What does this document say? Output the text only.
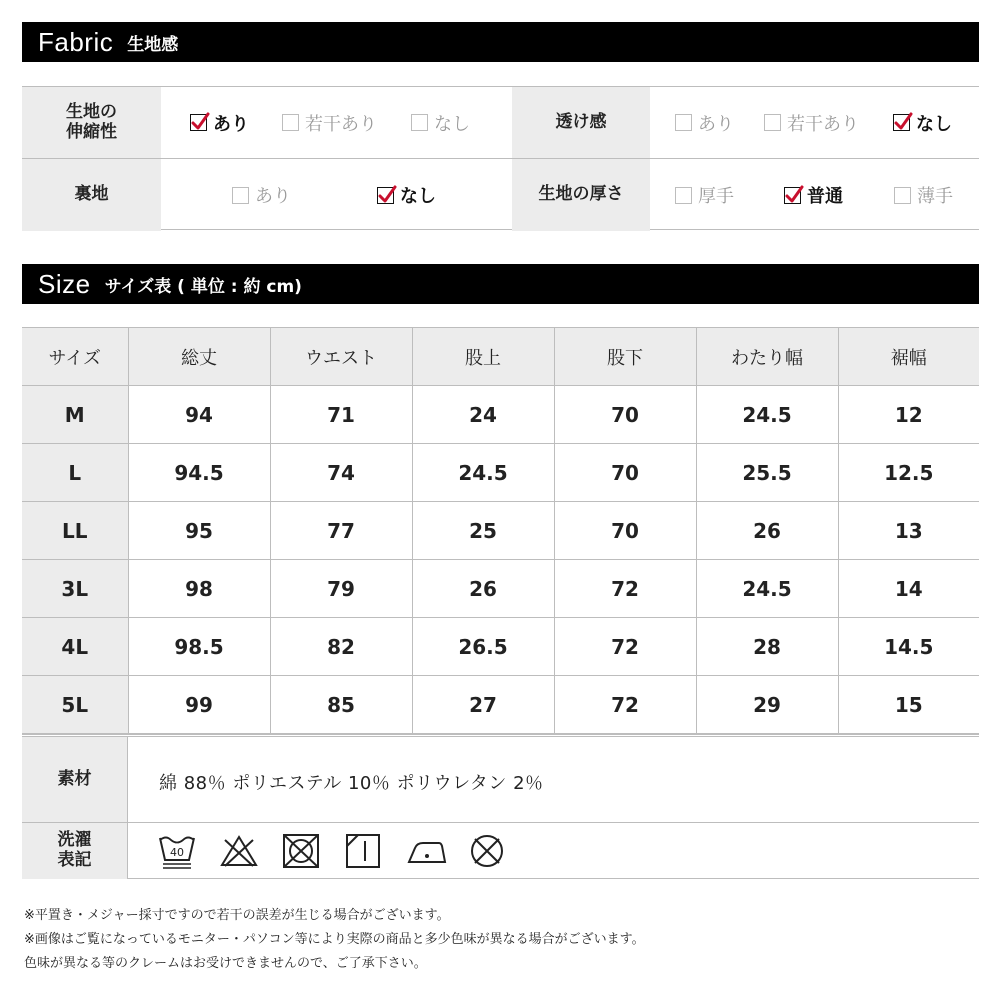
Fabric 生地感
生地の
伸縮性	あり	若干あり	なし	透け感	あり	若干あり	なし
裏地	あり	なし	生地の厚さ	厚手	普通	薄手
Size サイズ表 ( 単位 : 約 cm)
サイズ	総丈	ウエスト	股上	股下	わたり幅	裾幅
M	94	71	24	70	24.5	12
L	94.5	74	24.5	70	25.5	12.5
LL	95	77	25	70	26	13
3L	98	79	26	72	24.5	14
4L	98.5	82	26.5	72	28	14.5
5L	99	85	27	72	29	15
素材	綿 88％ ポリエステル 10％ ポリウレタン 2％
洗濯
表記	40
※平置き・メジャー採寸ですので若干の誤差が生じる場合がございます。
※画像はご覧になっているモニター・パソコン等により実際の商品と多少色味が異なる場合がございます。
色味が異なる等のクレームはお受けできませんので、ご了承下さい。
